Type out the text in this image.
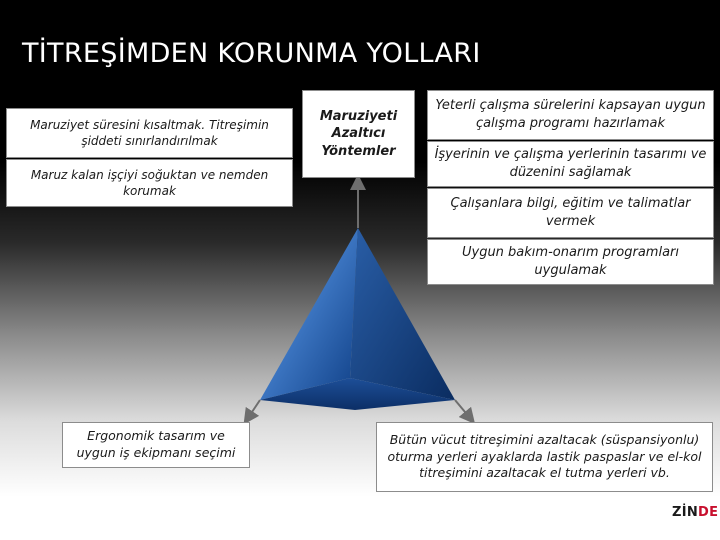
TİTREŞİMDEN KORUNMA YOLLARI
Maruziyet süresini kısaltmak. Titreşimin şiddeti sınırlandırılmak
Maruz kalan işçiyi soğuktan ve nemden korumak
Maruziyeti
Azaltıcı
Yöntemler
Yeterli çalışma sürelerini kapsayan uygun çalışma programı hazırlamak
İşyerinin ve çalışma yerlerinin tasarımı ve düzenini sağlamak
Çalışanlara bilgi, eğitim ve talimatlar vermek
Uygun bakım-onarım programları uygulamak
Ergonomik tasarım ve
uygun iş ekipmanı seçimi
Bütün vücut titreşimini azaltacak (süspansiyonlu)
oturma yerleri ayaklarda lastik paspaslar ve el-kol
titreşimini azaltacak el tutma yerleri vb.
ZİNDE
